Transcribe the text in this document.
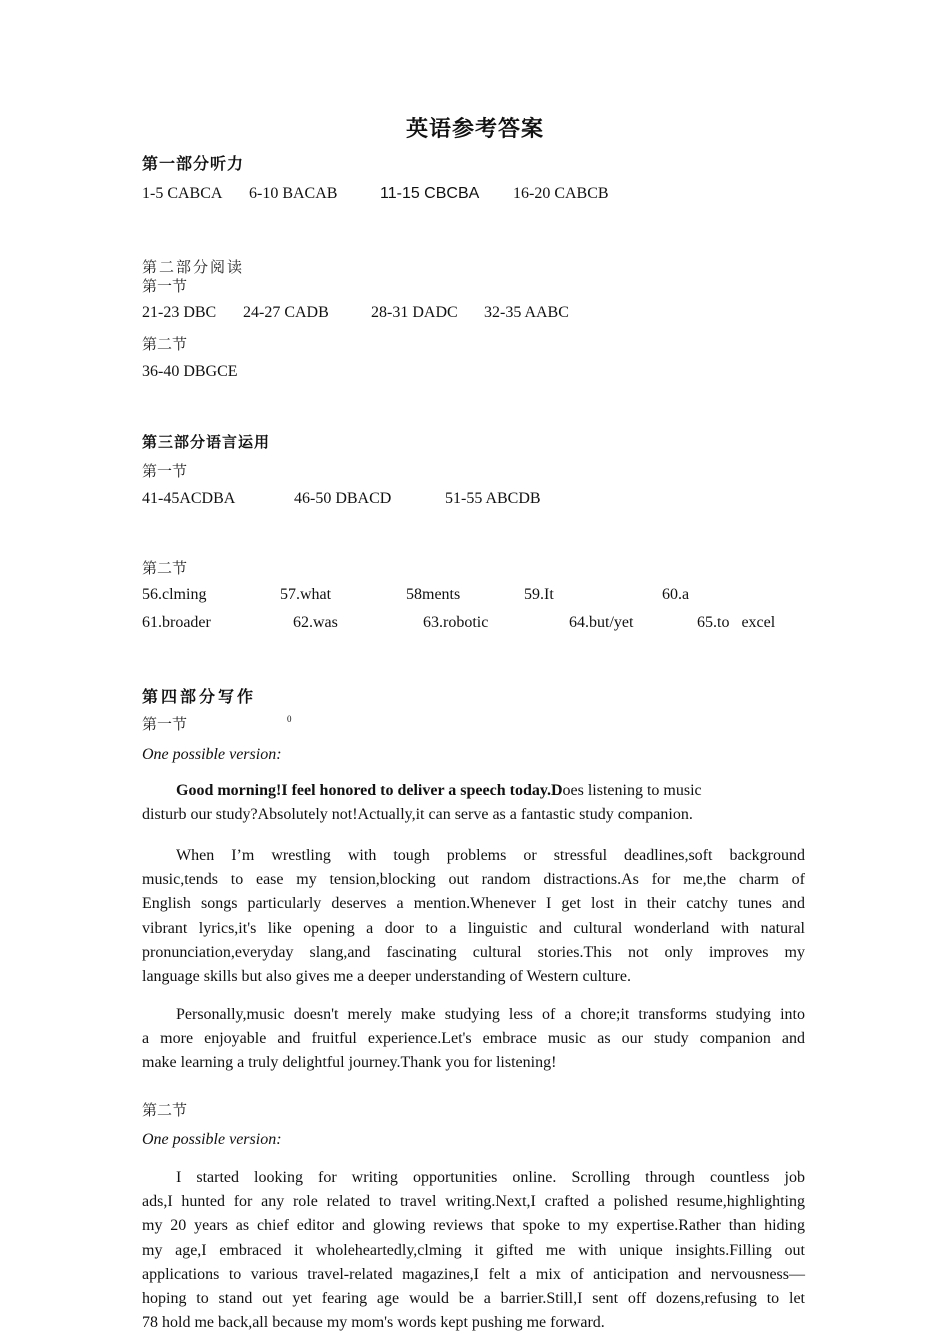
英语参考答案
第一部分听力
1-5 CABCA 6-10 BACAB	11-15 CBCBA 16-20 CABCB
第二部分阅读
第一节
21-23 DBC 24-27 CADB	28-31 DADC 32-35 AABC
第二节
36-40 DBGCE
第三部分语言运用
第一节
41-45ACDBA	46-50 DBACD	51-55 ABCDB
第二节
56.clming	57.what	58ments	59.It	60.a
61.broader	62.was	63.robotic	64.but/yet	65.to   excel
第四部分写作
第一节	0
One possible version:
Good morning!I feel honored to deliver a speech today.Does listening to music
disturb our study?Absolutely not!Actually,it can serve as a fantastic study companion.
When I’m wrestling with tough problems or stressful deadlines,soft background
music,tends to ease my tension,blocking out random distractions.As for me,the charm of
English songs particularly deserves a mention.Whenever I get lost in their catchy tunes and
vibrant lyrics,it's like opening a door to a linguistic and cultural wonderland with natural
pronunciation,everyday slang,and fascinating cultural stories.This not only improves my
language skills but also gives me a deeper understanding of Western culture.
Personally,music doesn't merely make studying less of a chore;it transforms studying into
a more enjoyable and fruitful experience.Let's embrace music as our study companion and
make learning a truly delightful journey.Thank you for listening!
第二节
One possible version:
I started looking for writing opportunities online. Scrolling through countless job
ads,I hunted for any role related to travel writing.Next,I crafted a polished resume,highlighting
my 20 years as chief editor and glowing reviews that spoke to my expertise.Rather than hiding
my age,I embraced it wholeheartedly,clming it gifted me with unique insights.Filling out
applications to various travel-related magazines,I felt a mix of anticipation and nervousness—
hoping to stand out yet fearing age would be a barrier.Still,I sent off dozens,refusing to let
78 hold me back,all because my mom's words kept pushing me forward.
